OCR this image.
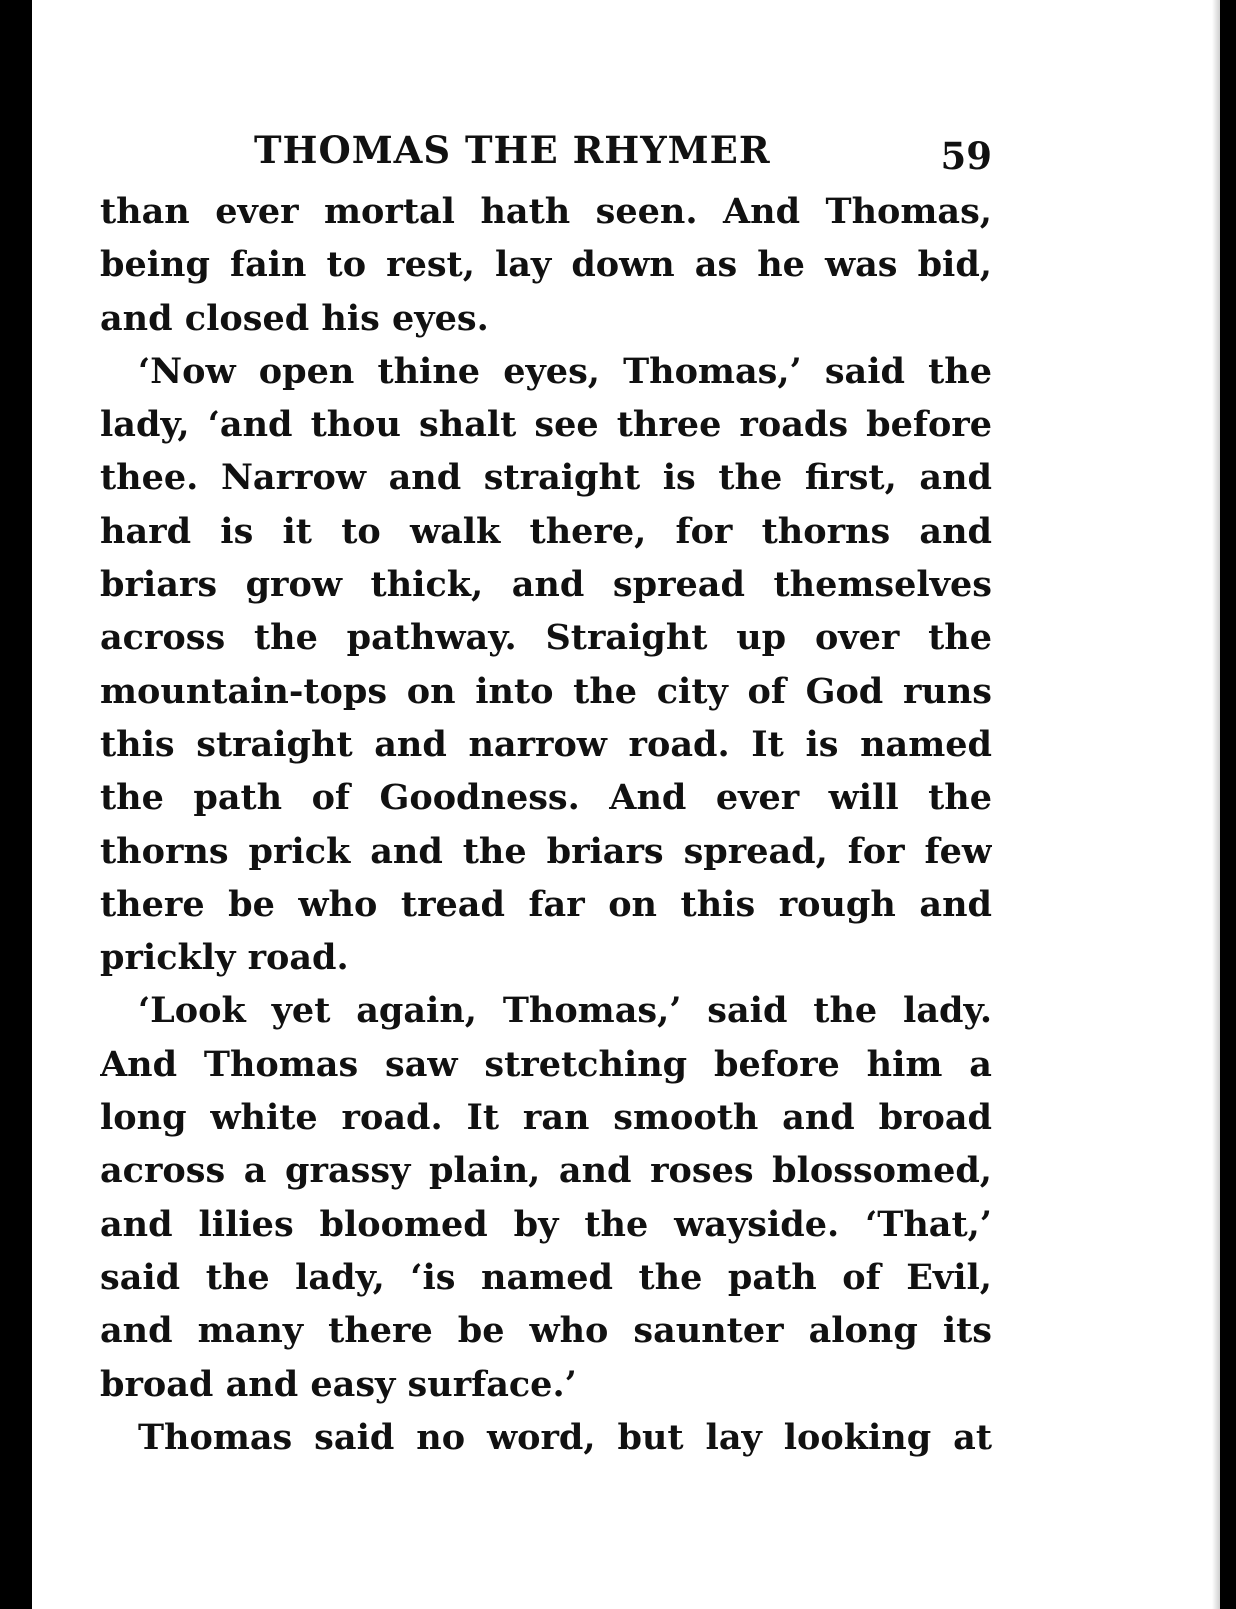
THOMAS THE RHYMER	59
than ever mortal hath seen. And Thomas,
being fain to rest, lay down as he was bid,
and closed his eyes.
‘Now open thine eyes, Thomas,’ said the
lady, ‘and thou shalt see three roads before
thee. Narrow and straight is the first, and
hard is it to walk there, for thorns and
briars grow thick, and spread themselves
across the pathway. Straight up over the
mountain-tops on into the city of God runs
this straight and narrow road. It is named
the path of Goodness. And ever will the
thorns prick and the briars spread, for few
there be who tread far on this rough and
prickly road.
‘Look yet again, Thomas,’ said the lady.
And Thomas saw stretching before him a
long white road. It ran smooth and broad
across a grassy plain, and roses blossomed,
and lilies bloomed by the wayside. ‘That,’
said the lady, ‘is named the path of Evil,
and many there be who saunter along its
broad and easy surface.’
Thomas said no word, but lay looking at
